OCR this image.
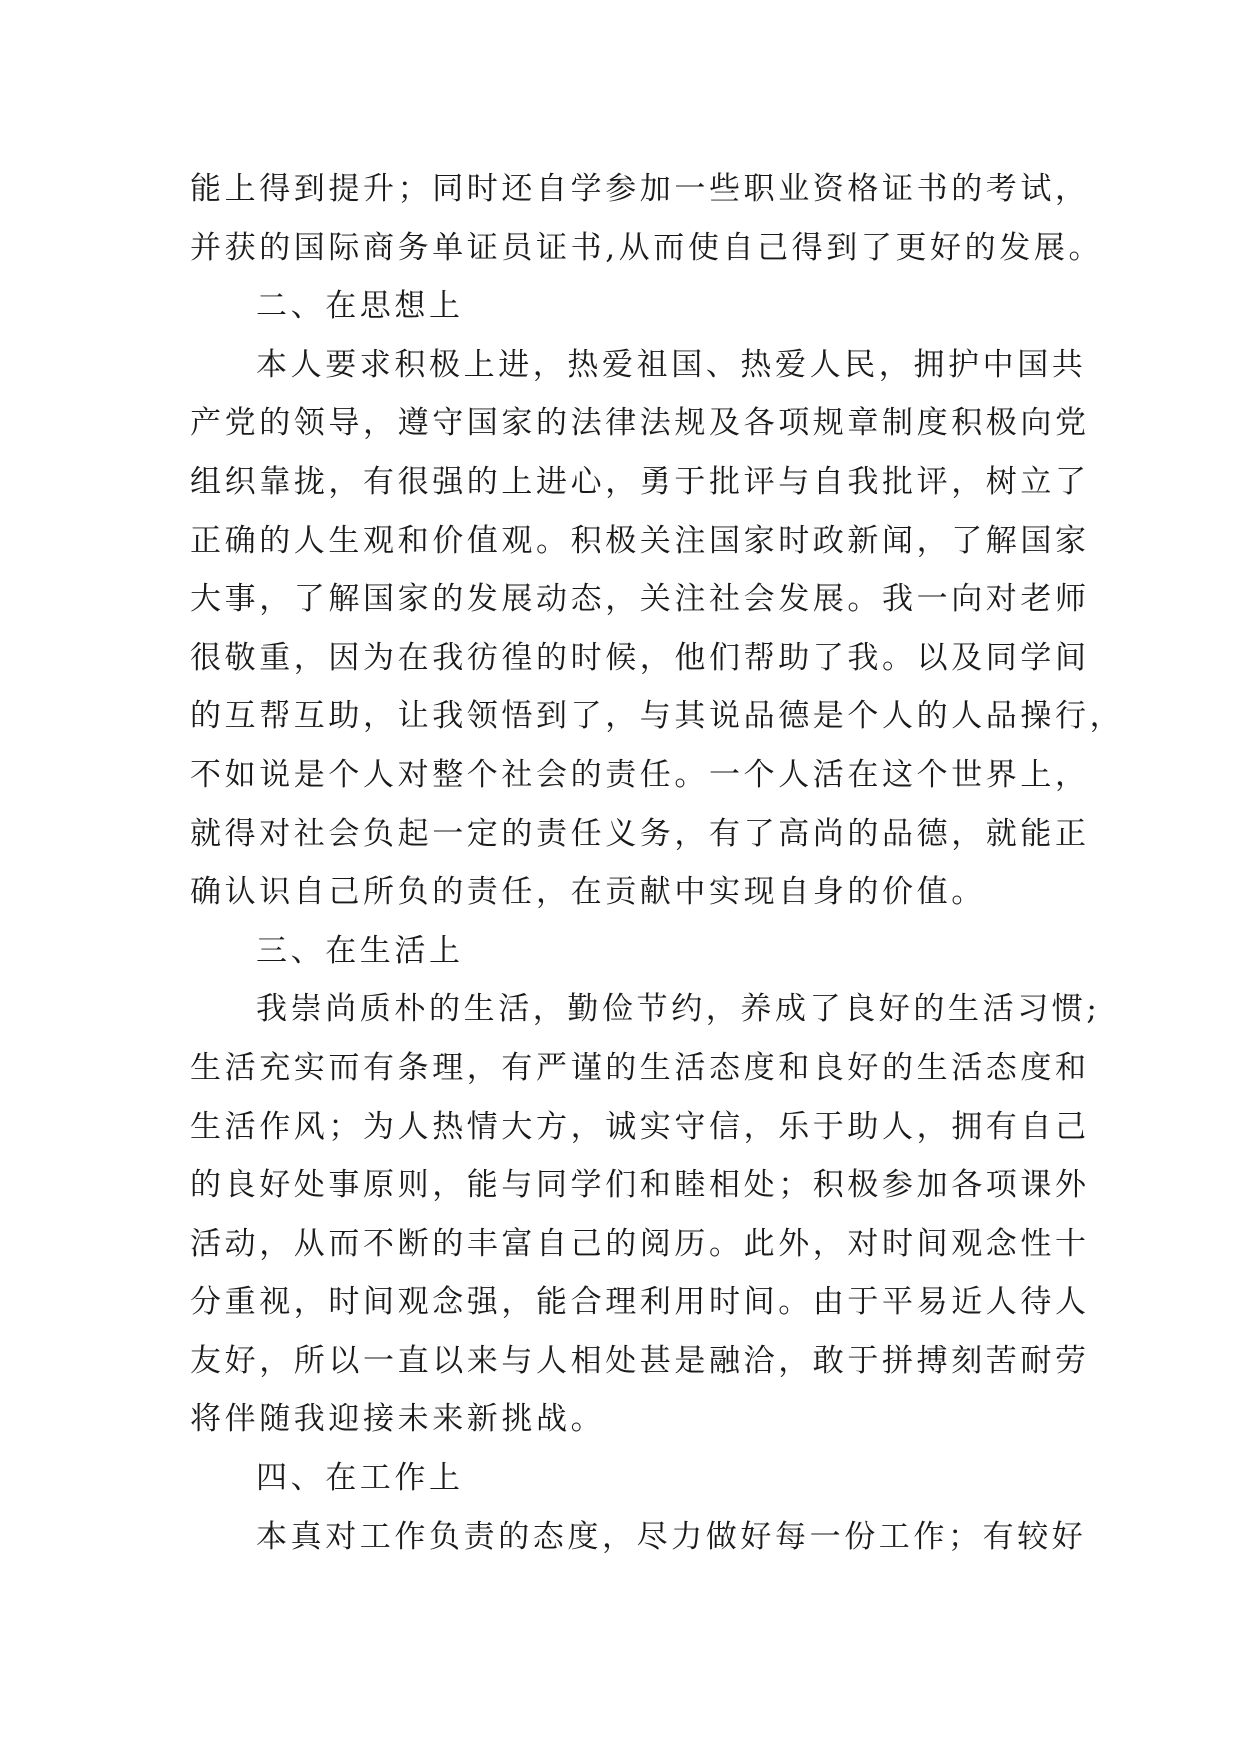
能上得到提升；同时还自学参加一些职业资格证书的考试，
并获的国际商务单证员证书,从而使自己得到了更好的发展。
二、在思想上
本人要求积极上进，热爱祖国、热爱人民，拥护中国共
产党的领导，遵守国家的法律法规及各项规章制度积极向党
组织靠拢，有很强的上进心，勇于批评与自我批评，树立了
正确的人生观和价值观。积极关注国家时政新闻，了解国家
大事，了解国家的发展动态，关注社会发展。我一向对老师
很敬重，因为在我彷徨的时候，他们帮助了我。以及同学间
的互帮互助，让我领悟到了，与其说品德是个人的人品操行，
不如说是个人对整个社会的责任。一个人活在这个世界上，
就得对社会负起一定的责任义务，有了高尚的品德，就能正
确认识自己所负的责任，在贡献中实现自身的价值。
三、在生活上
我崇尚质朴的生活，勤俭节约，养成了良好的生活习惯;
生活充实而有条理，有严谨的生活态度和良好的生活态度和
生活作风；为人热情大方，诚实守信，乐于助人，拥有自己
的良好处事原则，能与同学们和睦相处；积极参加各项课外
活动，从而不断的丰富自己的阅历。此外，对时间观念性十
分重视，时间观念强，能合理利用时间。由于平易近人待人
友好，所以一直以来与人相处甚是融洽，敢于拼搏刻苦耐劳
将伴随我迎接未来新挑战。
四、在工作上
本真对工作负责的态度，尽力做好每一份工作；有较好
